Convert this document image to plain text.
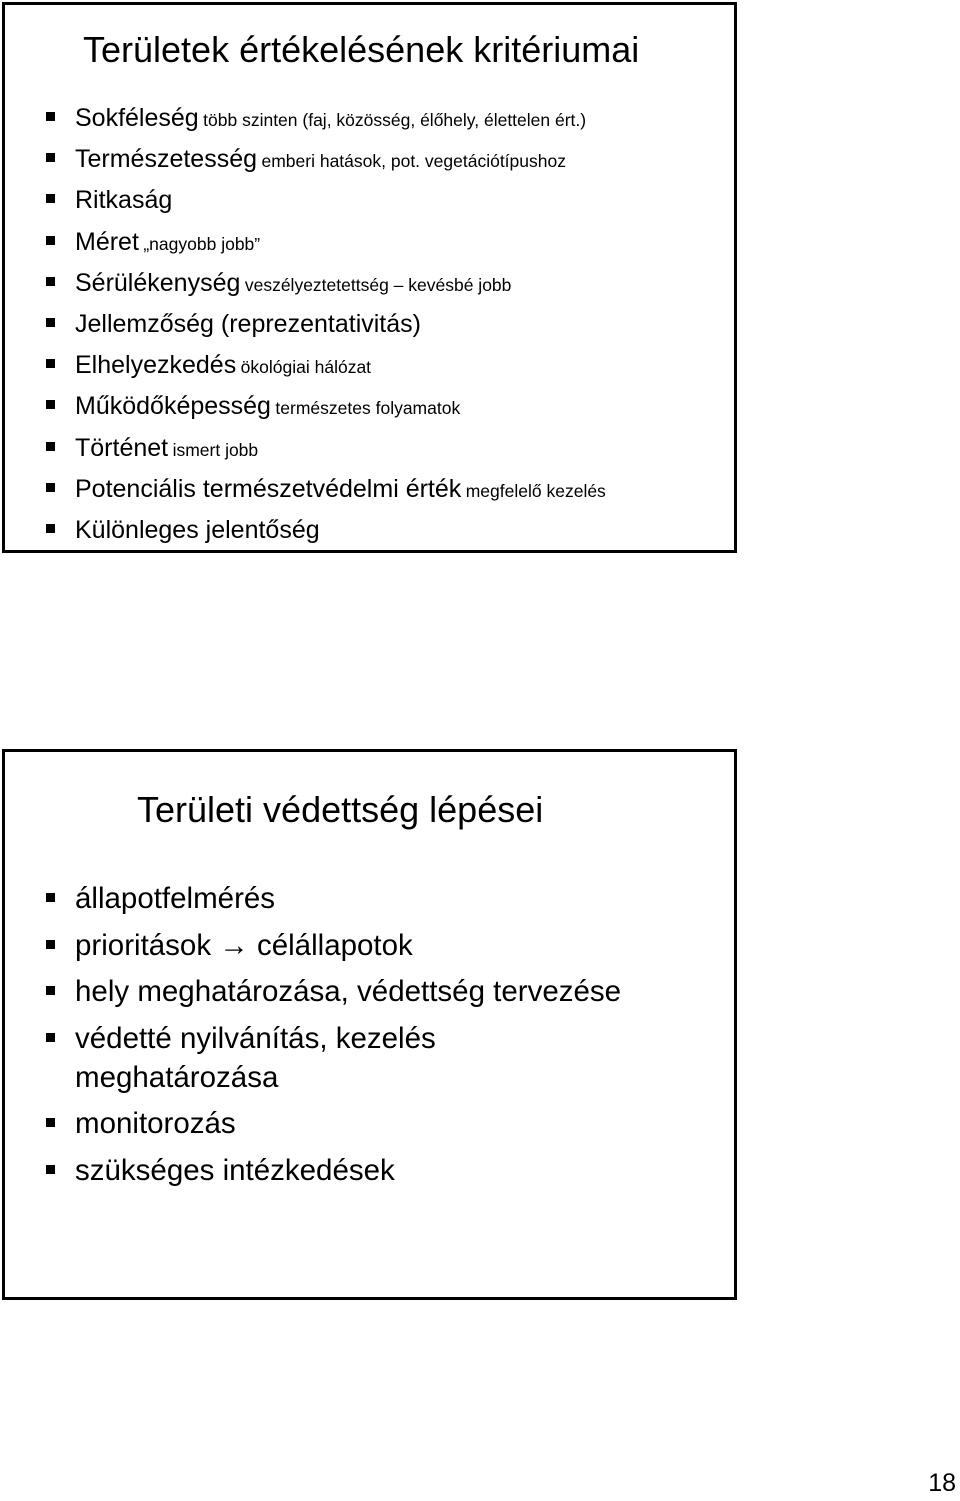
Területek értékelésének kritériumai
Sokféleség több szinten (faj, közösség, élőhely, élettelen ért.)
Természetesség emberi hatások, pot. vegetációtípushoz
Ritkaság
Méret „nagyobb jobb”
Sérülékenység veszélyeztetettség – kevésbé jobb
Jellemzőség (reprezentativitás)
Elhelyezkedés ökológiai hálózat
Működőképesség természetes folyamatok
Történet ismert jobb
Potenciális természetvédelmi érték megfelelő kezelés
Különleges jelentőség
Területi védettség lépései
állapotfelmérés
prioritások → célállapotok
hely meghatározása, védettség tervezése
védetté nyilvánítás, kezelés
meghatározása
monitorozás
szükséges intézkedések
18
